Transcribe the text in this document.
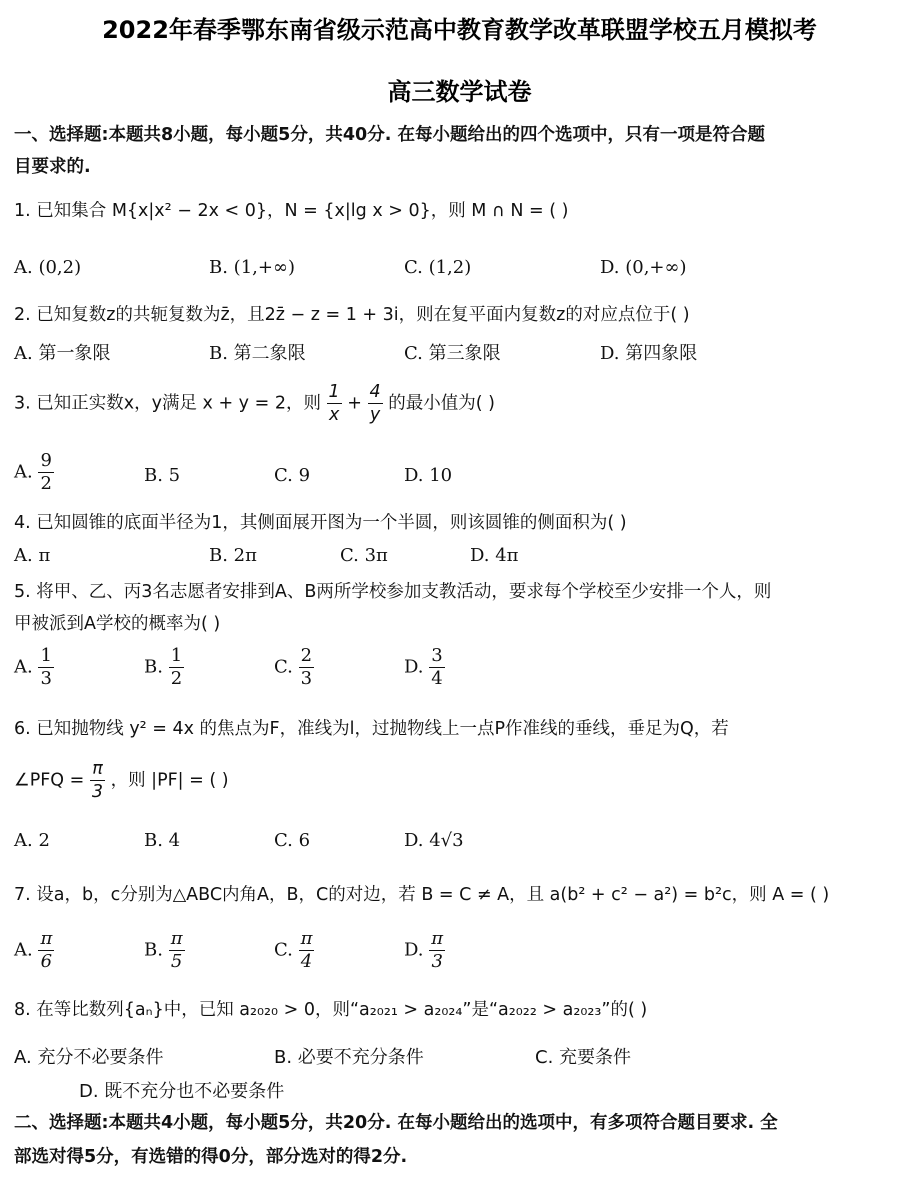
2022年春季鄂东南省级示范高中教育教学改革联盟学校五月模拟考
高三数学试卷
一、选择题:本题共8小题，每小题5分，共40分. 在每小题给出的四个选项中，只有一项是符合题
目要求的.
1. 已知集合 M{x|x² − 2x < 0}，N = {x|lg x > 0}，则 M ∩ N = ( )
A. (0,2)	B. (1,+∞)	C. (1,2)	D. (0,+∞)
2. 已知复数z的共轭复数为z̄，且2z̄ − z = 1 + 3i，则在复平面内复数z的对应点位于( )
A. 第一象限	B. 第二象限	C. 第三象限	D. 第四象限
3. 已知正实数x，y满足 x + y = 2，则 $\frac{1}{x} + \frac{4}{y}$ 的最小值为( )
A. $\frac{9}{2}$	B. 5	C. 9	D. 10
4. 已知圆锥的底面半径为1，其侧面展开图为一个半圆，则该圆锥的侧面积为( )
A. π	B. 2π	C. 3π	D. 4π
5. 将甲、乙、丙3名志愿者安排到A、B两所学校参加支教活动，要求每个学校至少安排一个人，则
甲被派到A学校的概率为( )
A. $\frac{1}{3}$	B. $\frac{1}{2}$	C. $\frac{2}{3}$	D. $\frac{3}{4}$
6. 已知抛物线 y² = 4x 的焦点为F，准线为l，过抛物线上一点P作准线的垂线，垂足为Q，若
∠PFQ = $\frac{\pi}{3}$ ，则 |PF| = ( )
A. 2	B. 4	C. 6	D. 4√3
7. 设a，b，c分别为△ABC内角A，B，C的对边，若 B = C ≠ A，且 a(b² + c² − a²) = b²c，则 A = ( )
A. $\frac{\pi}{6}$	B. $\frac{\pi}{5}$	C. $\frac{\pi}{4}$	D. $\frac{\pi}{3}$
8. 在等比数列{aₙ}中，已知 a₂₀₂₀ > 0，则“a₂₀₂₁ > a₂₀₂₄”是“a₂₀₂₂ > a₂₀₂₃”的( )
A. 充分不必要条件	B. 必要不充分条件	C. 充要条件
D. 既不充分也不必要条件
二、选择题:本题共4小题，每小题5分，共20分. 在每小题给出的选项中，有多项符合题目要求. 全
部选对得5分，有选错的得0分，部分选对的得2分.
